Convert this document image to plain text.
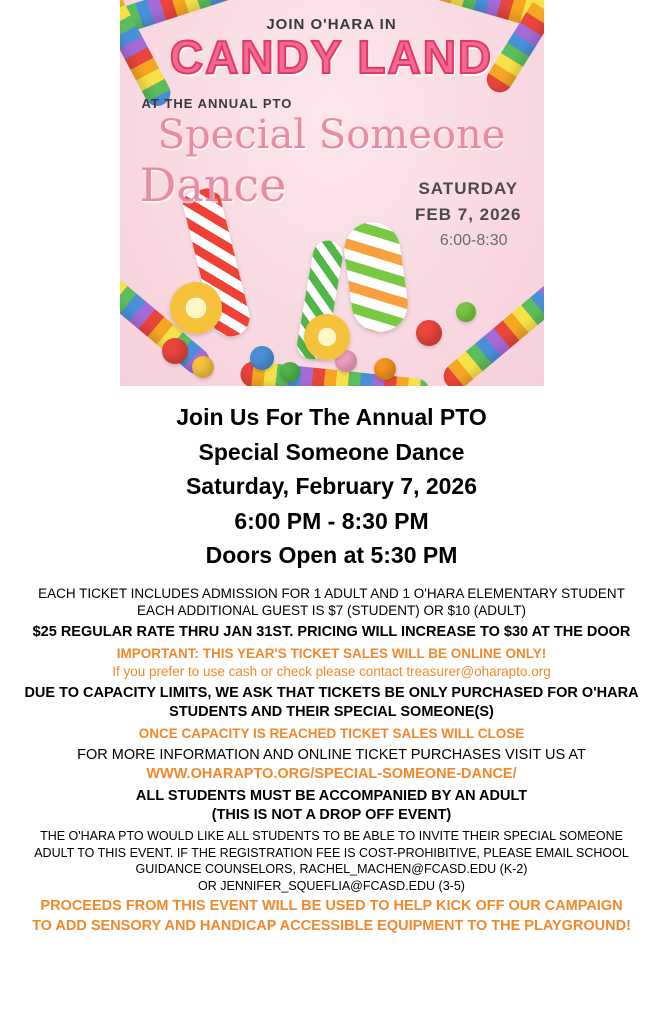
JOIN O'HARA IN
CANDY LAND
AT THE ANNUAL PTO
Special Someone
Dance	SATURDAY
FEB 7, 2026
6:00-8:30
Join Us For The Annual PTO
Special Someone Dance
Saturday, February 7, 2026
6:00 PM - 8:30 PM
Doors Open at 5:30 PM
EACH TICKET INCLUDES ADMISSION FOR 1 ADULT AND 1 O'HARA ELEMENTARY STUDENT
EACH ADDITIONAL GUEST IS $7 (STUDENT) OR $10 (ADULT)
$25 REGULAR RATE THRU JAN 31ST. PRICING WILL INCREASE TO $30 AT THE DOOR
IMPORTANT: THIS YEAR'S TICKET SALES WILL BE ONLINE ONLY!
If you prefer to use cash or check please contact treasurer@oharapto.org
DUE TO CAPACITY LIMITS, WE ASK THAT TICKETS BE ONLY PURCHASED FOR O'HARA
STUDENTS AND THEIR SPECIAL SOMEONE(S)
ONCE CAPACITY IS REACHED TICKET SALES WILL CLOSE
FOR MORE INFORMATION AND ONLINE TICKET PURCHASES VISIT US AT
WWW.OHARAPTO.ORG/SPECIAL-SOMEONE-DANCE/
ALL STUDENTS MUST BE ACCOMPANIED BY AN ADULT
(THIS IS NOT A DROP OFF EVENT)
THE O'HARA PTO WOULD LIKE ALL STUDENTS TO BE ABLE TO INVITE THEIR SPECIAL SOMEONE
ADULT TO THIS EVENT. IF THE REGISTRATION FEE IS COST-PROHIBITIVE, PLEASE EMAIL SCHOOL
GUIDANCE COUNSELORS, RACHEL_MACHEN@FCASD.EDU (K-2)
OR JENNIFER_SQUEFLIA@FCASD.EDU (3-5)
PROCEEDS FROM THIS EVENT WILL BE USED TO HELP KICK OFF OUR CAMPAIGN
TO ADD SENSORY AND HANDICAP ACCESSIBLE EQUIPMENT TO THE PLAYGROUND!
